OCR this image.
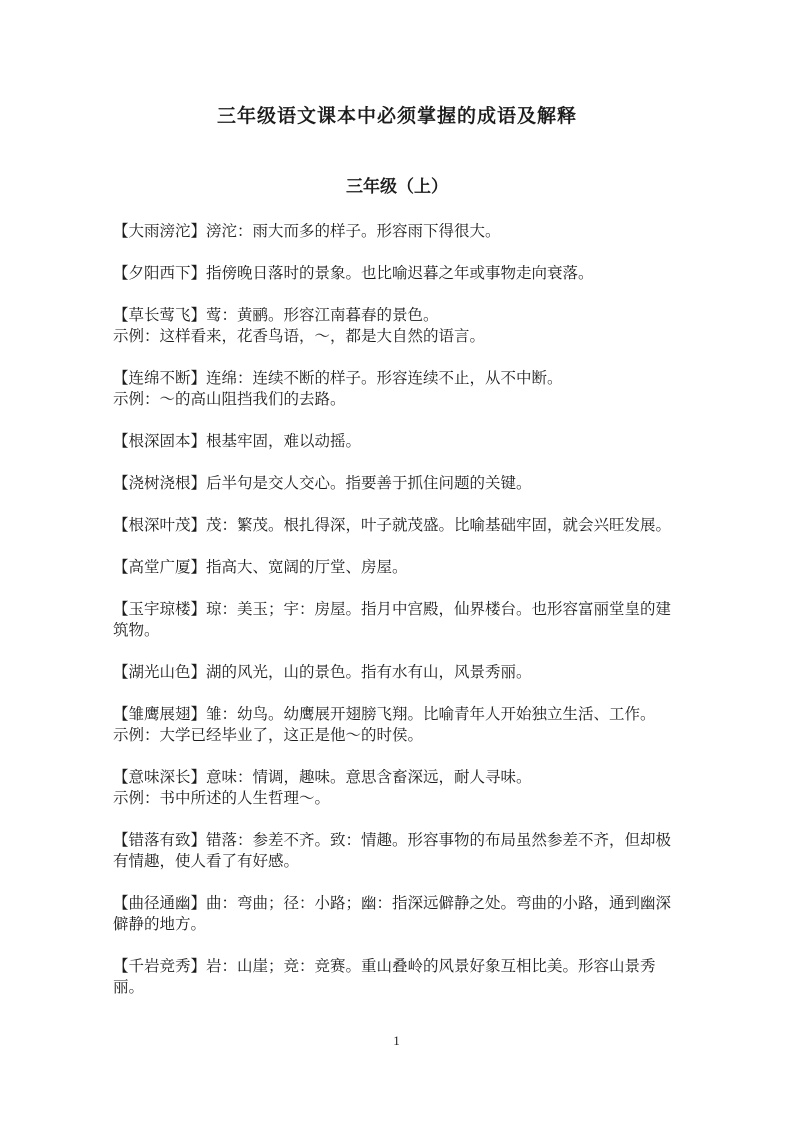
三年级语文课本中必须掌握的成语及解释
三年级（上）

【大雨滂沱】滂沱：雨大而多的样子。形容雨下得很大。

【夕阳西下】指傍晚日落时的景象。也比喻迟暮之年或事物走向衰落。

【草长莺飞】莺：黄鹂。形容江南暮春的景色。
示例：这样看来，花香鸟语，～，都是大自然的语言。

【连绵不断】连绵：连续不断的样子。形容连续不止，从不中断。
示例：～的高山阻挡我们的去路。

【根深固本】根基牢固，难以动摇。

【浇树浇根】后半句是交人交心。指要善于抓住问题的关键。

【根深叶茂】茂：繁茂。根扎得深，叶子就茂盛。比喻基础牢固，就会兴旺发展。

【高堂广厦】指高大、宽阔的厅堂、房屋。

【玉宇琼楼】琼：美玉；宇：房屋。指月中宫殿，仙界楼台。也形容富丽堂皇的建筑物。

【湖光山色】湖的风光，山的景色。指有水有山，风景秀丽。

【雏鹰展翅】雏：幼鸟。幼鹰展开翅膀飞翔。比喻青年人开始独立生活、工作。
示例：大学已经毕业了，这正是他～的时侯。

【意味深长】意味：情调，趣味。意思含畜深远，耐人寻味。
示例：书中所述的人生哲理～。

【错落有致】错落：参差不齐。致：情趣。形容事物的布局虽然参差不齐，但却极有情趣，使人看了有好感。

【曲径通幽】曲：弯曲；径：小路；幽：指深远僻静之处。弯曲的小路，通到幽深僻静的地方。

【千岩竞秀】岩：山崖；竞：竞赛。重山叠岭的风景好象互相比美。形容山景秀丽。

1
